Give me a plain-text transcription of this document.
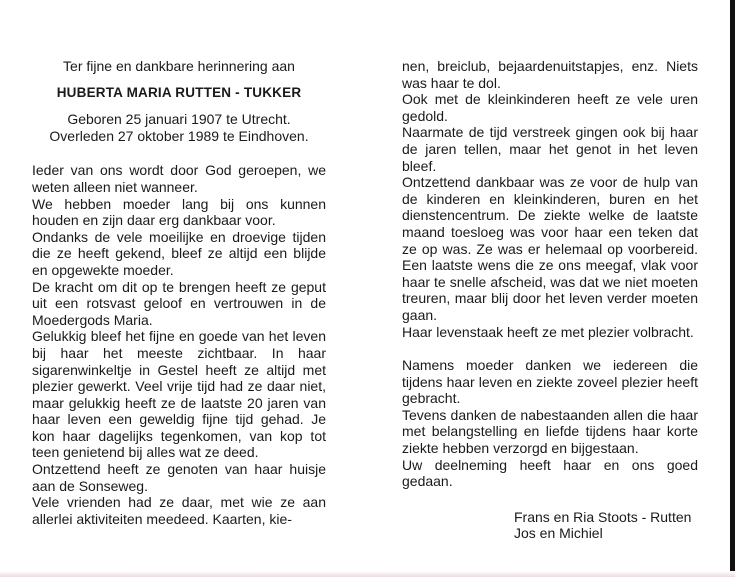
Ter fijne en dankbare herinnering aan
HUBERTA MARIA RUTTEN - TUKKER
Geboren 25 januari 1907 te Utrecht.
Overleden 27 oktober 1989 te Eindhoven.

Ieder van ons wordt door God geroepen, we weten alleen niet wanneer.

We hebben moeder lang bij ons kunnen houden en zijn daar erg dankbaar voor.

Ondanks de vele moeilijke en droevige tijden die ze heeft gekend, bleef ze altijd een blijde en opgewekte moeder.

De kracht om dit op te brengen heeft ze geput uit een rotsvast geloof en vertrouwen in de Moedergods Maria.

Gelukkig bleef het fijne en goede van het leven bij haar het meeste zichtbaar. In haar sigarenwinkeltje in Gestel heeft ze altijd met plezier gewerkt. Veel vrije tijd had ze daar niet, maar gelukkig heeft ze de laatste 20 jaren van haar leven een geweldig fijne tijd gehad. Je kon haar dagelijks tegenkomen, van kop tot teen genietend bij alles wat ze deed.

Ontzettend heeft ze genoten van haar huisje aan de Sonseweg.

Vele vrienden had ze daar, met wie ze aan allerlei aktiviteiten meedeed. Kaarten, kie-

nen, breiclub, bejaardenuitstapjes, enz. Niets was haar te dol.

Ook met de kleinkinderen heeft ze vele uren gedold.

Naarmate de tijd verstreek gingen ook bij haar de jaren tellen, maar het genot in het leven bleef.

Ontzettend dankbaar was ze voor de hulp van de kinderen en kleinkinderen, buren en het dienstencentrum. De ziekte welke de laatste maand toesloeg was voor haar een teken dat ze op was. Ze was er helemaal op voorbereid. Een laatste wens die ze ons meegaf, vlak voor haar te snelle afscheid, was dat we niet moeten treuren, maar blij door het leven verder moeten gaan.

Haar levenstaak heeft ze met plezier volbracht.

Namens moeder danken we iedereen die tijdens haar leven en ziekte zoveel plezier heeft gebracht.

Tevens danken de nabestaanden allen die haar met belangstelling en liefde tijdens haar korte ziekte hebben verzorgd en bijgestaan.

Uw deelneming heeft haar en ons goed gedaan.

Frans en Ria Stoots - Rutten
Jos en Michiel
